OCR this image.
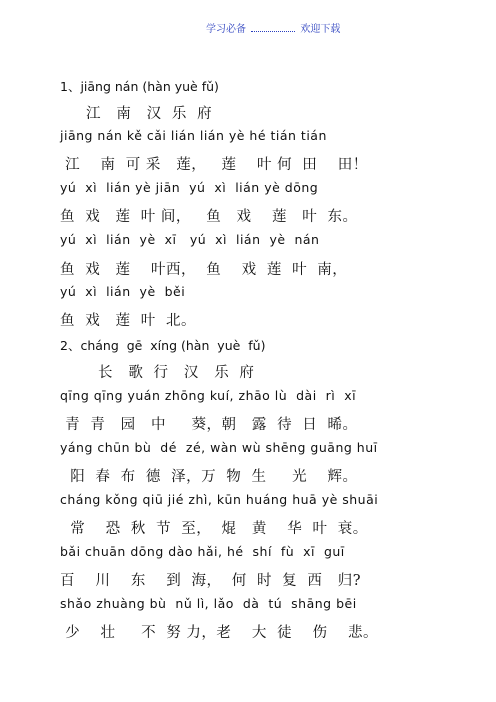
学习必备	欢迎下载
1、jiāng nán (hàn yuè fǔ)
江   南   汉  乐  府
jiāng nán kě cǎi lián lián yè hé tián tián
江    南  可 采   莲，   莲    叶 何  田    田！
yú  xì  lián yè jiān  yú  xì  lián yè dōng
鱼  戏   莲  叶 间，   鱼   戏    莲   叶  东。
yú  xì  lián  yè  xī   yú  xì  lián  yè  nán
鱼  戏   莲    叶西，  鱼    戏  莲  叶  南，
yú  xì  lián  yè  běi
鱼  戏   莲  叶  北。
2、cháng  gē  xíng (hàn  yuè  fǔ)
长   歌  行   汉   乐  府
qīng qīng yuán zhōng kuí, zhāo lù  dài  rì  xī
青  青   园   中     葵，朝   露  待  日  晞。
yáng chūn bù  dé  zé, wàn wù shēng guāng huī
阳  春  布  德  泽，万  物  生     光    辉。
cháng kǒng qiū jié zhì, kūn huáng huā yè shuāi
常    恐  秋  节  至，  焜   黄    华  叶  衰。
bǎi chuān dōng dào hǎi, hé  shí  fù  xī  guī
百    川    东    到  海，  何  时  复  西   归?
shǎo zhuàng bù  nǔ lì, lǎo  dà  tú  shāng bēi
少    壮     不  努 力，老    大  徒    伤    悲。
